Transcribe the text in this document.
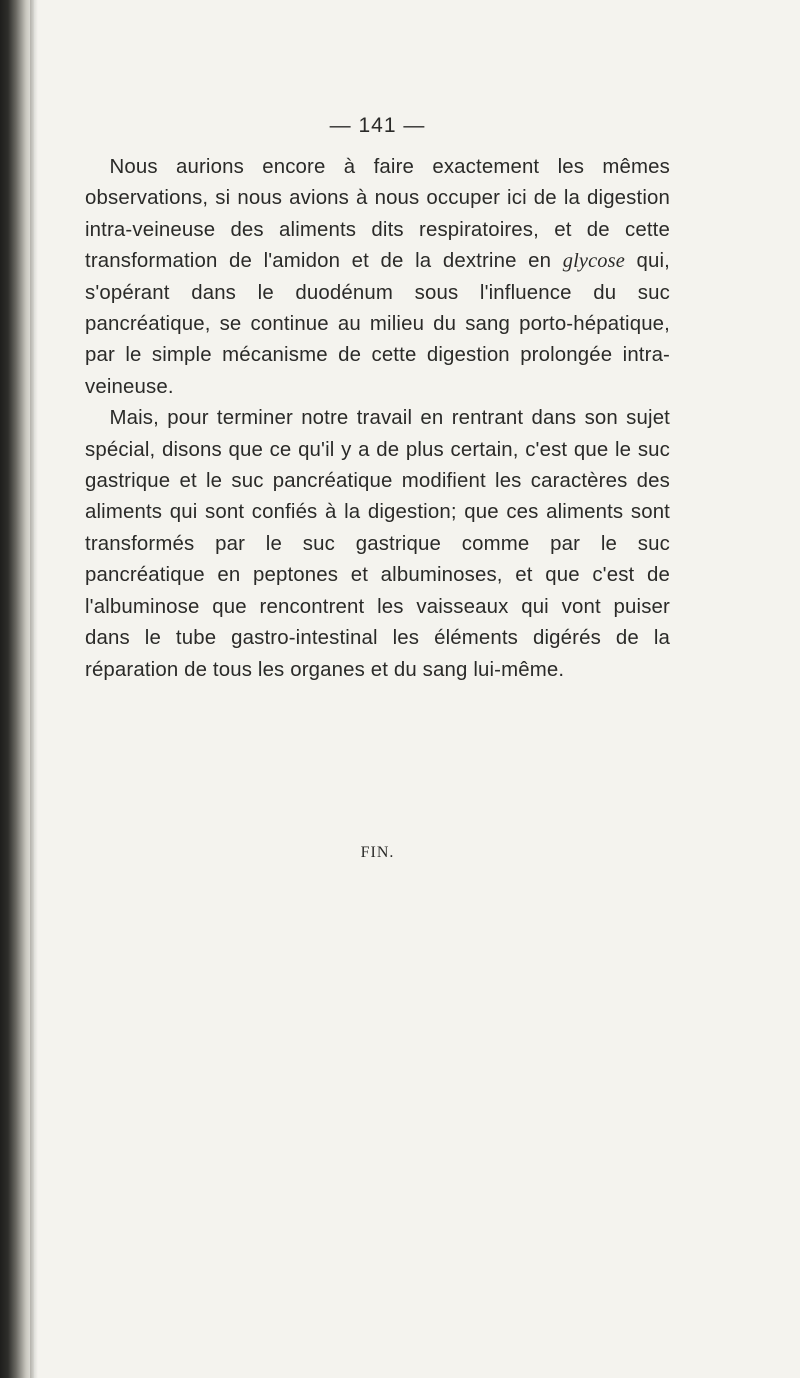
— 141 —

Nous aurions encore à faire exactement les mêmes observations, si nous avions à nous occuper ici de la digestion intra-veineuse des aliments dits respiratoires, et de cette transformation de l'amidon et de la dextrine en glycose qui, s'opérant dans le duodénum sous l'influence du suc pancréatique, se continue au milieu du sang porto-hépatique, par le simple mécanisme de cette digestion prolongée intra-veineuse.

Mais, pour terminer notre travail en rentrant dans son sujet spécial, disons que ce qu'il y a de plus certain, c'est que le suc gastrique et le suc pancréatique modifient les caractères des aliments qui sont confiés à la digestion; que ces aliments sont transformés par le suc gastrique comme par le suc pancréatique en peptones et albuminoses, et que c'est de l'albuminose que rencontrent les vaisseaux qui vont puiser dans le tube gastro-intestinal les éléments digérés de la réparation de tous les organes et du sang lui-même.

FIN.
